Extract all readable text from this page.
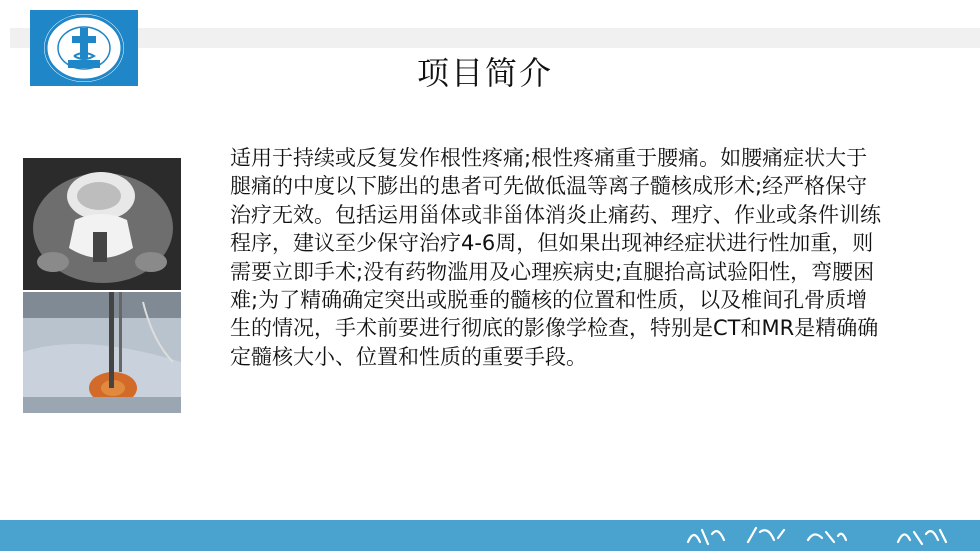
项目简介
适用于持续或反复发作根性疼痛;根性疼痛重于腰痛。如腰痛症状大于腿痛的中度以下膨出的患者可先做低温等离子髓核成形术;经严格保守治疗无效。包括运用甾体或非甾体消炎止痛药、理疗、作业或条件训练程序，建议至少保守治疗4-6周，但如果出现神经症状进行性加重，则需要立即手术;没有药物滥用及心理疾病史;直腿抬高试验阳性，弯腰困难;为了精确确定突出或脱垂的髓核的位置和性质，以及椎间孔骨质增生的情况，手术前要进行彻底的影像学检查，特别是CT和MR是精确确定髓核大小、位置和性质的重要手段。
